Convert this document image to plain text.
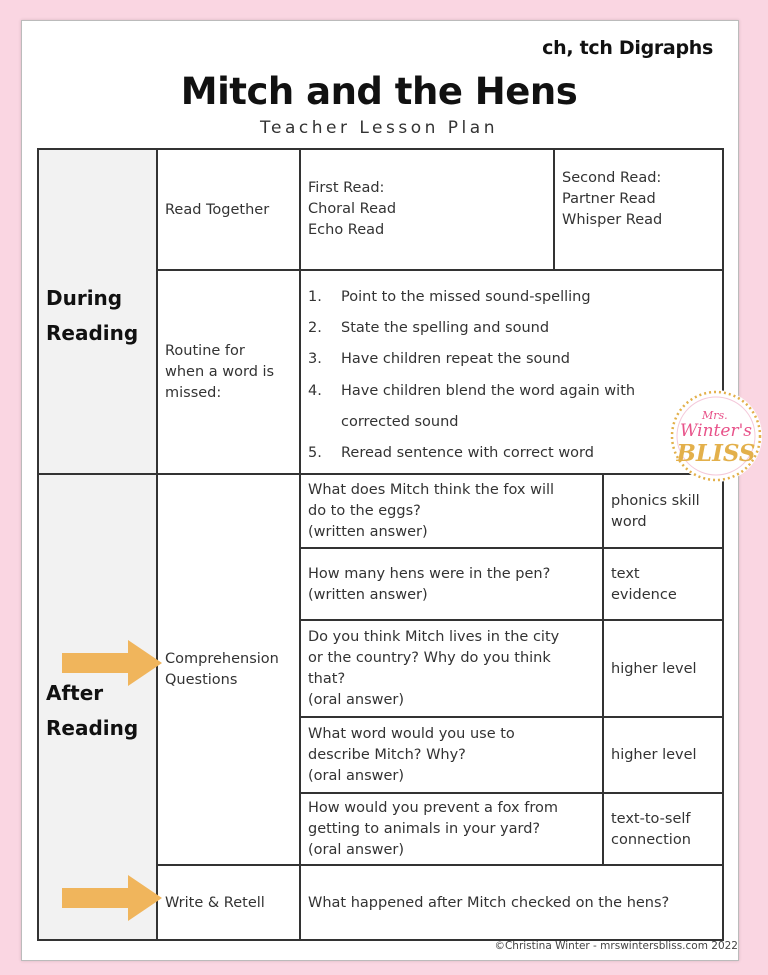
ch, tch Digraphs
Mitch and the Hens
Teacher Lesson Plan
During
Reading
After
Reading
Read Together
First Read:
Choral Read
Echo Read
Second Read:
Partner Read
Whisper Read
Routine for
when a word is
missed:
1. Point to the missed sound-spelling
2. State the spelling and sound
3. Have children repeat the sound
4. Have children blend the word again with
corrected sound
5. Reread sentence with correct word
Comprehension
Questions
What does Mitch think the fox will
do to the eggs?
(written answer)
phonics skill
word
How many hens were in the pen?
(written answer)
text
evidence
Do you think Mitch lives in the city
or the country? Why do you think
that?
(oral answer)
higher level
What word would you use to
describe Mitch? Why?
(oral answer)
higher level
How would you prevent a fox from
getting to animals in your yard?
(oral answer)
text-to-self
connection
Write & Retell	What happened after Mitch checked on the hens?
Mrs.
Winter's
BLISS
©Christina Winter - mrswintersbliss.com 2022
